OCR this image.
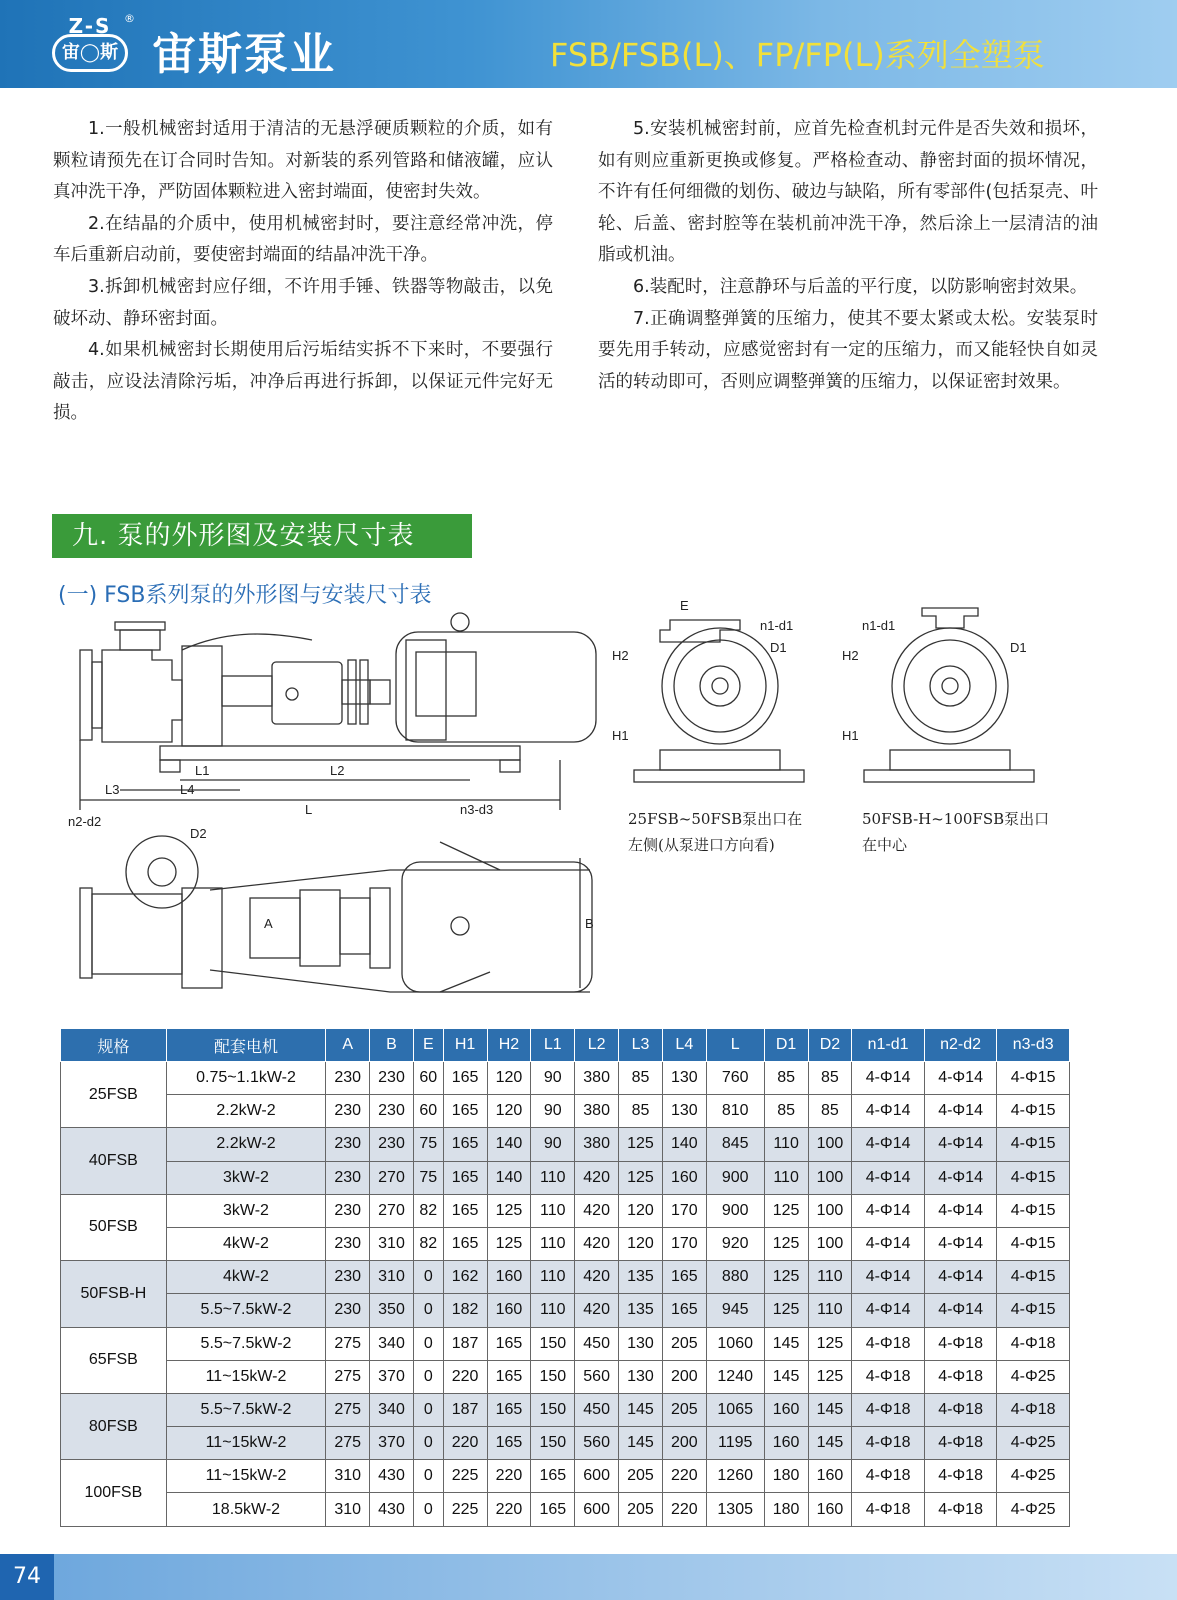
Z-S
宙◯斯
®
宙斯泵业	FSB/FSB(L)、FP/FP(L)系列全塑泵

1.一般机械密封适用于清洁的无悬浮硬质颗粒的介质，如有颗粒请预先在订合同时告知。对新装的系列管路和储液罐，应认真冲洗干净，严防固体颗粒进入密封端面，使密封失效。

2.在结晶的介质中，使用机械密封时，要注意经常冲洗，停车后重新启动前，要使密封端面的结晶冲洗干净。

3.拆卸机械密封应仔细，不许用手锤、铁器等物敲击，以免破坏动、静环密封面。

4.如果机械密封长期使用后污垢结实拆不下来时，不要强行敲击，应设法清除污垢，冲净后再进行拆卸，以保证元件完好无损。

5.安装机械密封前，应首先检查机封元件是否失效和损坏，如有则应重新更换或修复。严格检查动、静密封面的损坏情况，不许有任何细微的划伤、破边与缺陷，所有零部件(包括泵壳、叶轮、后盖、密封腔等在装机前冲洗干净，然后涂上一层清洁的油脂或机油。

6.装配时，注意静环与后盖的平行度，以防影响密封效果。

7.正确调整弹簧的压缩力，使其不要太紧或太松。安装泵时要先用手转动，应感觉密封有一定的压缩力，而又能轻快自如灵活的转动即可，否则应调整弹簧的压缩力，以保证密封效果。

九. 泵的外形图及安装尺寸表
(一) FSB系列泵的外形图与安装尺寸表
L3
L1
L4
L2
L
n2-d2
D2
n3-d3
A	B
E
n1-d1
D1
H2
H1
n1-d1
D1
H2
H1
25FSB~50FSB泵出口在
左侧(从泵进口方向看)
50FSB-H~100FSB泵出口
在中心
规格	配套电机	A	B	E	H1	H2	L1	L2	L3	L4	L	D1	D2	n1-d1	n2-d2	n3-d3
25FSB	0.75~1.1kW-2	230	230	60	165	120	90	380	85	130	760	85	85	4-Φ14	4-Φ14	4-Φ15
	2.2kW-2	230	230	60	165	120	90	380	85	130	810	85	85	4-Φ14	4-Φ14	4-Φ15
40FSB	2.2kW-2	230	230	75	165	140	90	380	125	140	845	110	100	4-Φ14	4-Φ14	4-Φ15
	3kW-2	230	270	75	165	140	110	420	125	160	900	110	100	4-Φ14	4-Φ14	4-Φ15
50FSB	3kW-2	230	270	82	165	125	110	420	120	170	900	125	100	4-Φ14	4-Φ14	4-Φ15
	4kW-2	230	310	82	165	125	110	420	120	170	920	125	100	4-Φ14	4-Φ14	4-Φ15
50FSB-H	4kW-2	230	310	0	162	160	110	420	135	165	880	125	110	4-Φ14	4-Φ14	4-Φ15
	5.5~7.5kW-2	230	350	0	182	160	110	420	135	165	945	125	110	4-Φ14	4-Φ14	4-Φ15
65FSB	5.5~7.5kW-2	275	340	0	187	165	150	450	130	205	1060	145	125	4-Φ18	4-Φ18	4-Φ18
	11~15kW-2	275	370	0	220	165	150	560	130	200	1240	145	125	4-Φ18	4-Φ18	4-Φ25
80FSB	5.5~7.5kW-2	275	340	0	187	165	150	450	145	205	1065	160	145	4-Φ18	4-Φ18	4-Φ18
	11~15kW-2	275	370	0	220	165	150	560	145	200	1195	160	145	4-Φ18	4-Φ18	4-Φ25
100FSB	11~15kW-2	310	430	0	225	220	165	600	205	220	1260	180	160	4-Φ18	4-Φ18	4-Φ25
	18.5kW-2	310	430	0	225	220	165	600	205	220	1305	180	160	4-Φ18	4-Φ18	4-Φ25
74
